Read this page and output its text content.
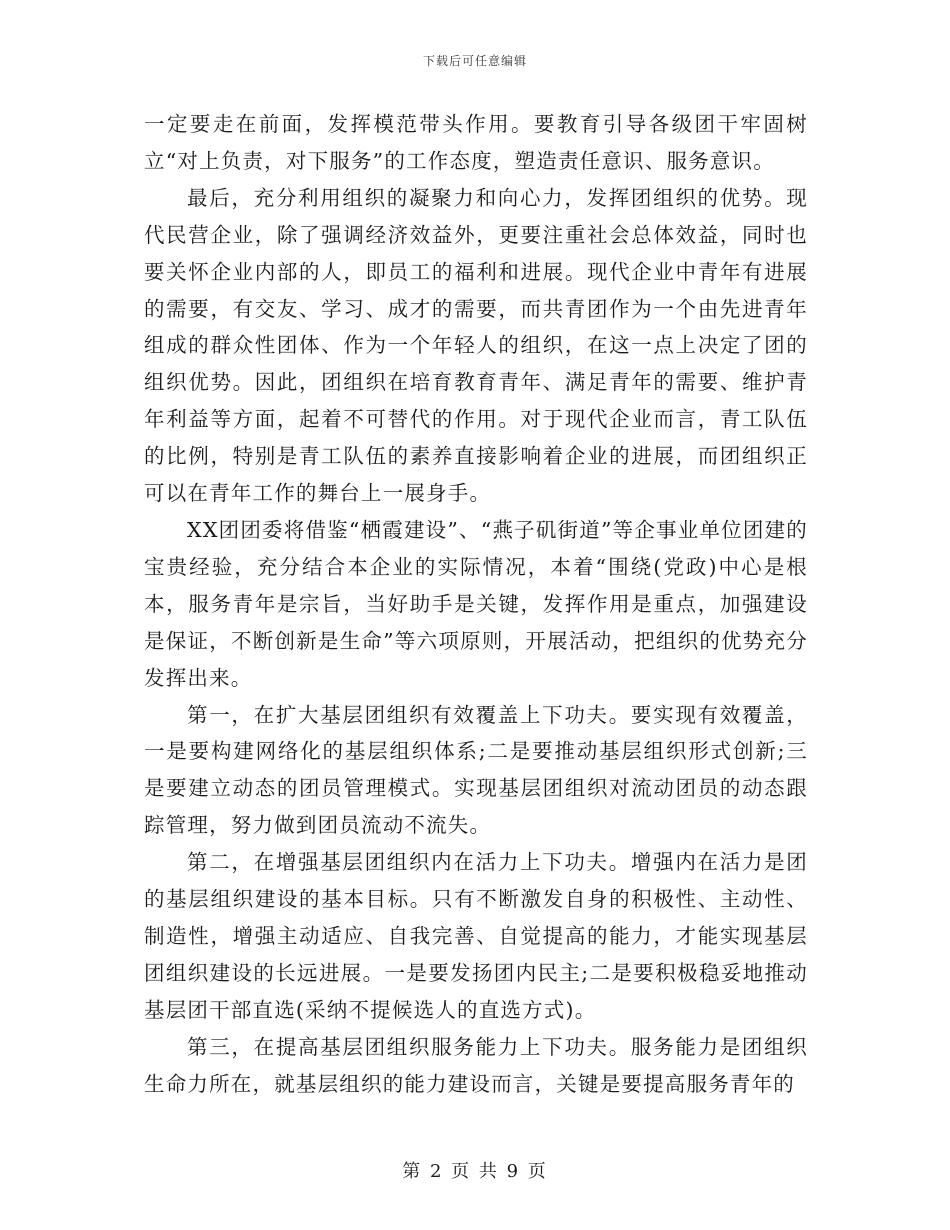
下载后可任意编辑

一定要走在前面，发挥模范带头作用。要教育引导各级团干牢固树立“对上负责，对下服务”的工作态度，塑造责任意识、服务意识。

最后，充分利用组织的凝聚力和向心力，发挥团组织的优势。现代民营企业，除了强调经济效益外，更要注重社会总体效益，同时也要关怀企业内部的人，即员工的福利和进展。现代企业中青年有进展的需要，有交友、学习、成才的需要，而共青团作为一个由先进青年组成的群众性团体、作为一个年轻人的组织，在这一点上决定了团的组织优势。因此，团组织在培育教育青年、满足青年的需要、维护青年利益等方面，起着不可替代的作用。对于现代企业而言，青工队伍的比例，特别是青工队伍的素养直接影响着企业的进展，而团组织正可以在青年工作的舞台上一展身手。

XX团团委将借鉴“栖霞建设”、“燕子矶街道”等企事业单位团建的宝贵经验，充分结合本企业的实际情况，本着“围绕(党政)中心是根本，服务青年是宗旨，当好助手是关键，发挥作用是重点，加强建设是保证，不断创新是生命”等六项原则，开展活动，把组织的优势充分发挥出来。

第一，在扩大基层团组织有效覆盖上下功夫。要实现有效覆盖，一是要构建网络化的基层组织体系;二是要推动基层组织形式创新;三是要建立动态的团员管理模式。实现基层团组织对流动团员的动态跟踪管理，努力做到团员流动不流失。

第二，在增强基层团组织内在活力上下功夫。增强内在活力是团的基层组织建设的基本目标。只有不断激发自身的积极性、主动性、制造性，增强主动适应、自我完善、自觉提高的能力，才能实现基层团组织建设的长远进展。一是要发扬团内民主;二是要积极稳妥地推动基层团干部直选(采纳不提候选人的直选方式)。

第三，在提高基层团组织服务能力上下功夫。服务能力是团组织生命力所在，就基层组织的能力建设而言，关键是要提高服务青年的

第 2 页 共 9 页
